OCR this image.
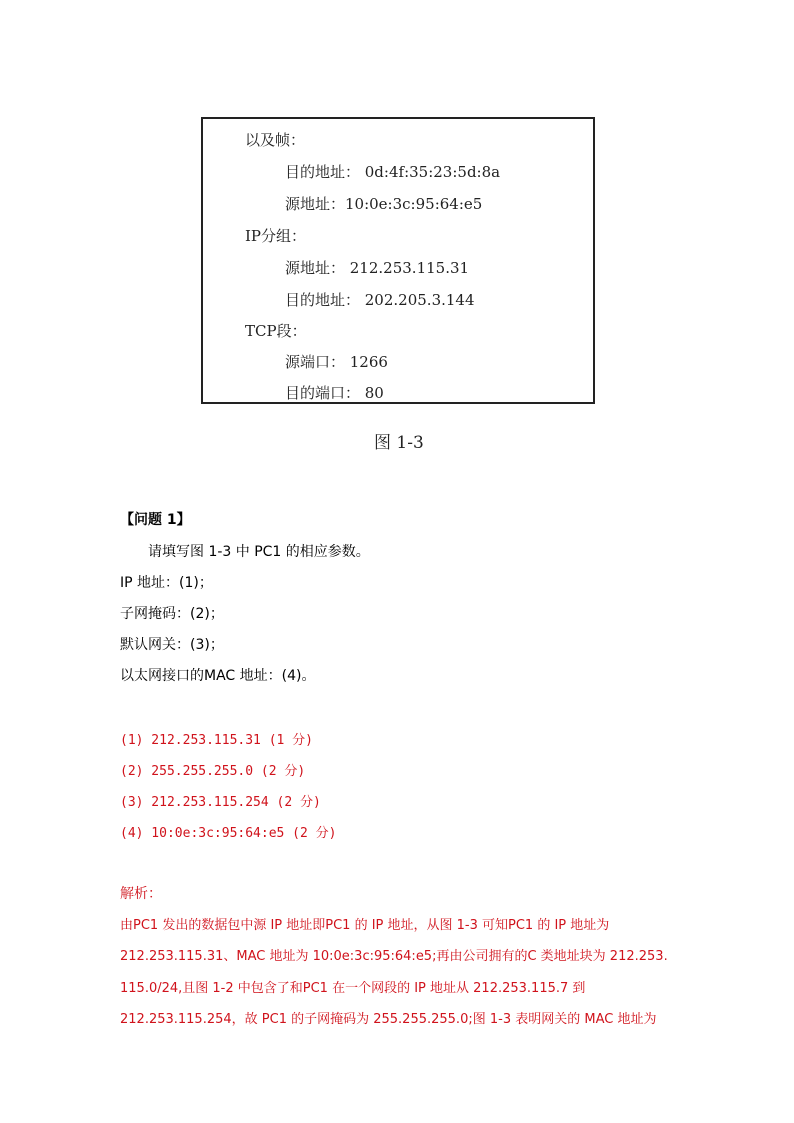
以及帧：
目的地址： 0d:4f:35:23:5d:8a
源地址：10:0e:3c:95:64:e5
IP分组：
源地址： 212.253.115.31
目的地址： 202.205.3.144
TCP段：
源端口： 1266
目的端口： 80
图 1-3
【问题 1】
请填写图 1-3 中 PC1 的相应参数。
IP 地址：(1)；
子网掩码：(2)；
默认网关：(3)；
以太网接口的MAC 地址：(4)。
(1) 212.253.115.31 (1 分)
(2) 255.255.255.0 (2 分)
(3) 212.253.115.254 (2 分)
(4) 10:0e:3c:95:64:e5 (2 分)
解析：
由PC1 发出的数据包中源 IP 地址即PC1 的 IP 地址，从图 1-3 可知PC1 的 IP 地址为
212.253.115.31、MAC 地址为 10:0e:3c:95:64:e5;再由公司拥有的C 类地址块为 212.253.
115.0/24,且图 1-2 中包含了和PC1 在一个网段的 IP 地址从 212.253.115.7 到
212.253.115.254，故 PC1 的子网掩码为 255.255.255.0;图 1-3 表明网关的 MAC 地址为
